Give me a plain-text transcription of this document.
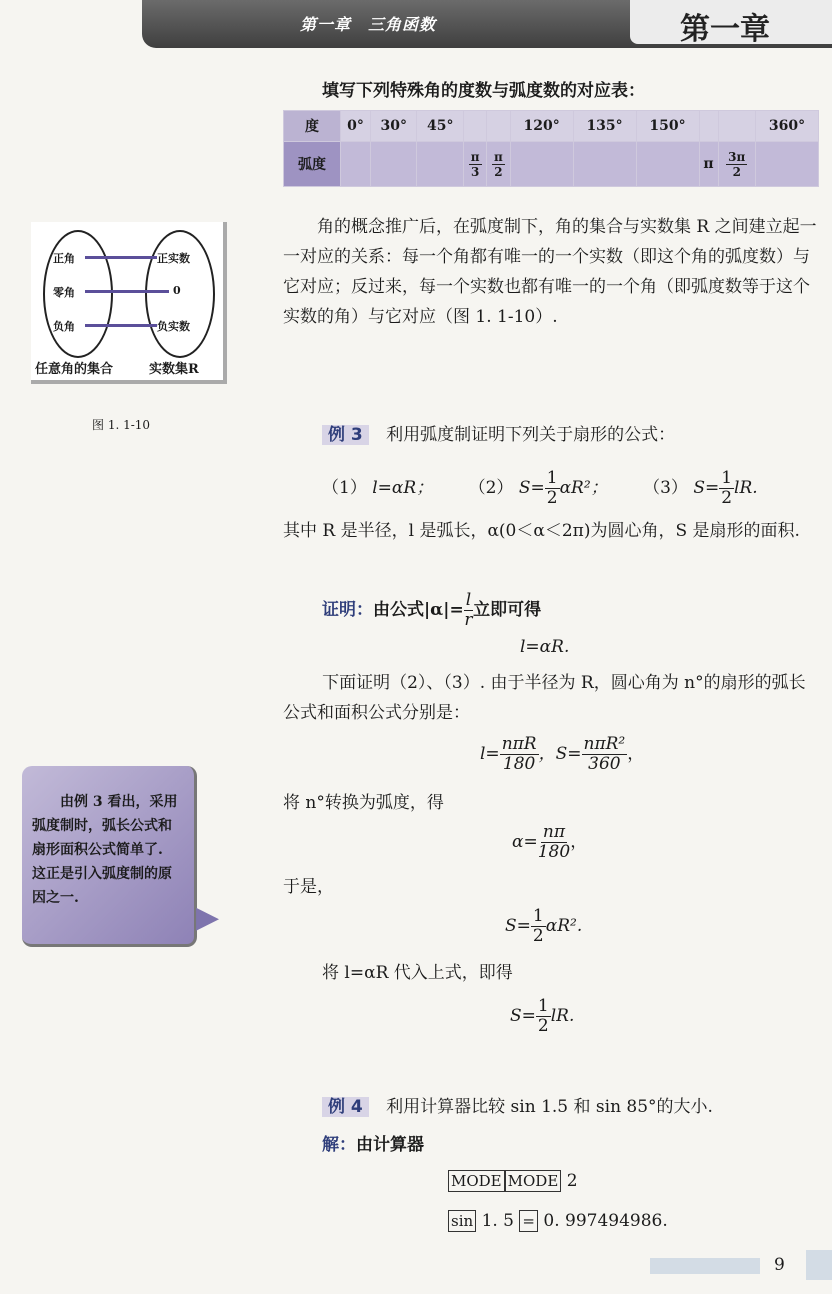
第一章　三角函数	第一章
填写下列特殊角的度数与弧度数的对应表：
度	0°	30°	45°			120°	135°	150°			360°
弧度				$\frac{\pi}{3}$	$\frac{\pi}{2}$				π	$\frac{3\pi}{2}$

正角
零角
负角
正实数
0
负实数
任意角的集合	实数集R
图 1. 1-10
角的概念推广后，在弧度制下，角的集合与实数集 R 之间建立起一一对应的关系：每一个角都有唯一的一个实数（即这个角的弧度数）与它对应；反过来，每一个实数也都有唯一的一个角（即弧度数等于这个实数的角）与它对应（图 1. 1-10）.
例 3 利用弧度制证明下列关于扇形的公式：
（1） l=αR； （2） $S= \frac{1}{2} \alpha R^2$； （3） $S= \frac{1}{2}$ lR.
其中 R 是半径，l 是弧长，α(0＜α＜2π)为圆心角，S 是扇形的面积.
证明：由公式$|\alpha|= \frac{l}{r}$ 立即可得
l=αR.
下面证明（2）、（3）. 由于半径为 R，圆心角为 n°的扇形的弧长公式和面积公式分别是：
$l= \frac{\text{nπR}}{180}$ ，$S= \frac{\text{nπR²}}{360}$ ，
将 n°转换为弧度，得
$\alpha= \frac{n\pi}{180}$ ，
于是，
$S= \frac{1}{2} \alpha R^2$.
将 l=αR 代入上式，即得
$S= \frac{1}{2}$ lR.
由例 3 看出，采用弧度制时，弧长公式和扇形面积公式简单了. 这正是引入弧度制的原因之一.
▶
例 4 利用计算器比较 sin 1.5 和 sin 85°的大小.
解：由计算器
MODE MODE 2
sin 1. 5 = 0. 997494986.
9
